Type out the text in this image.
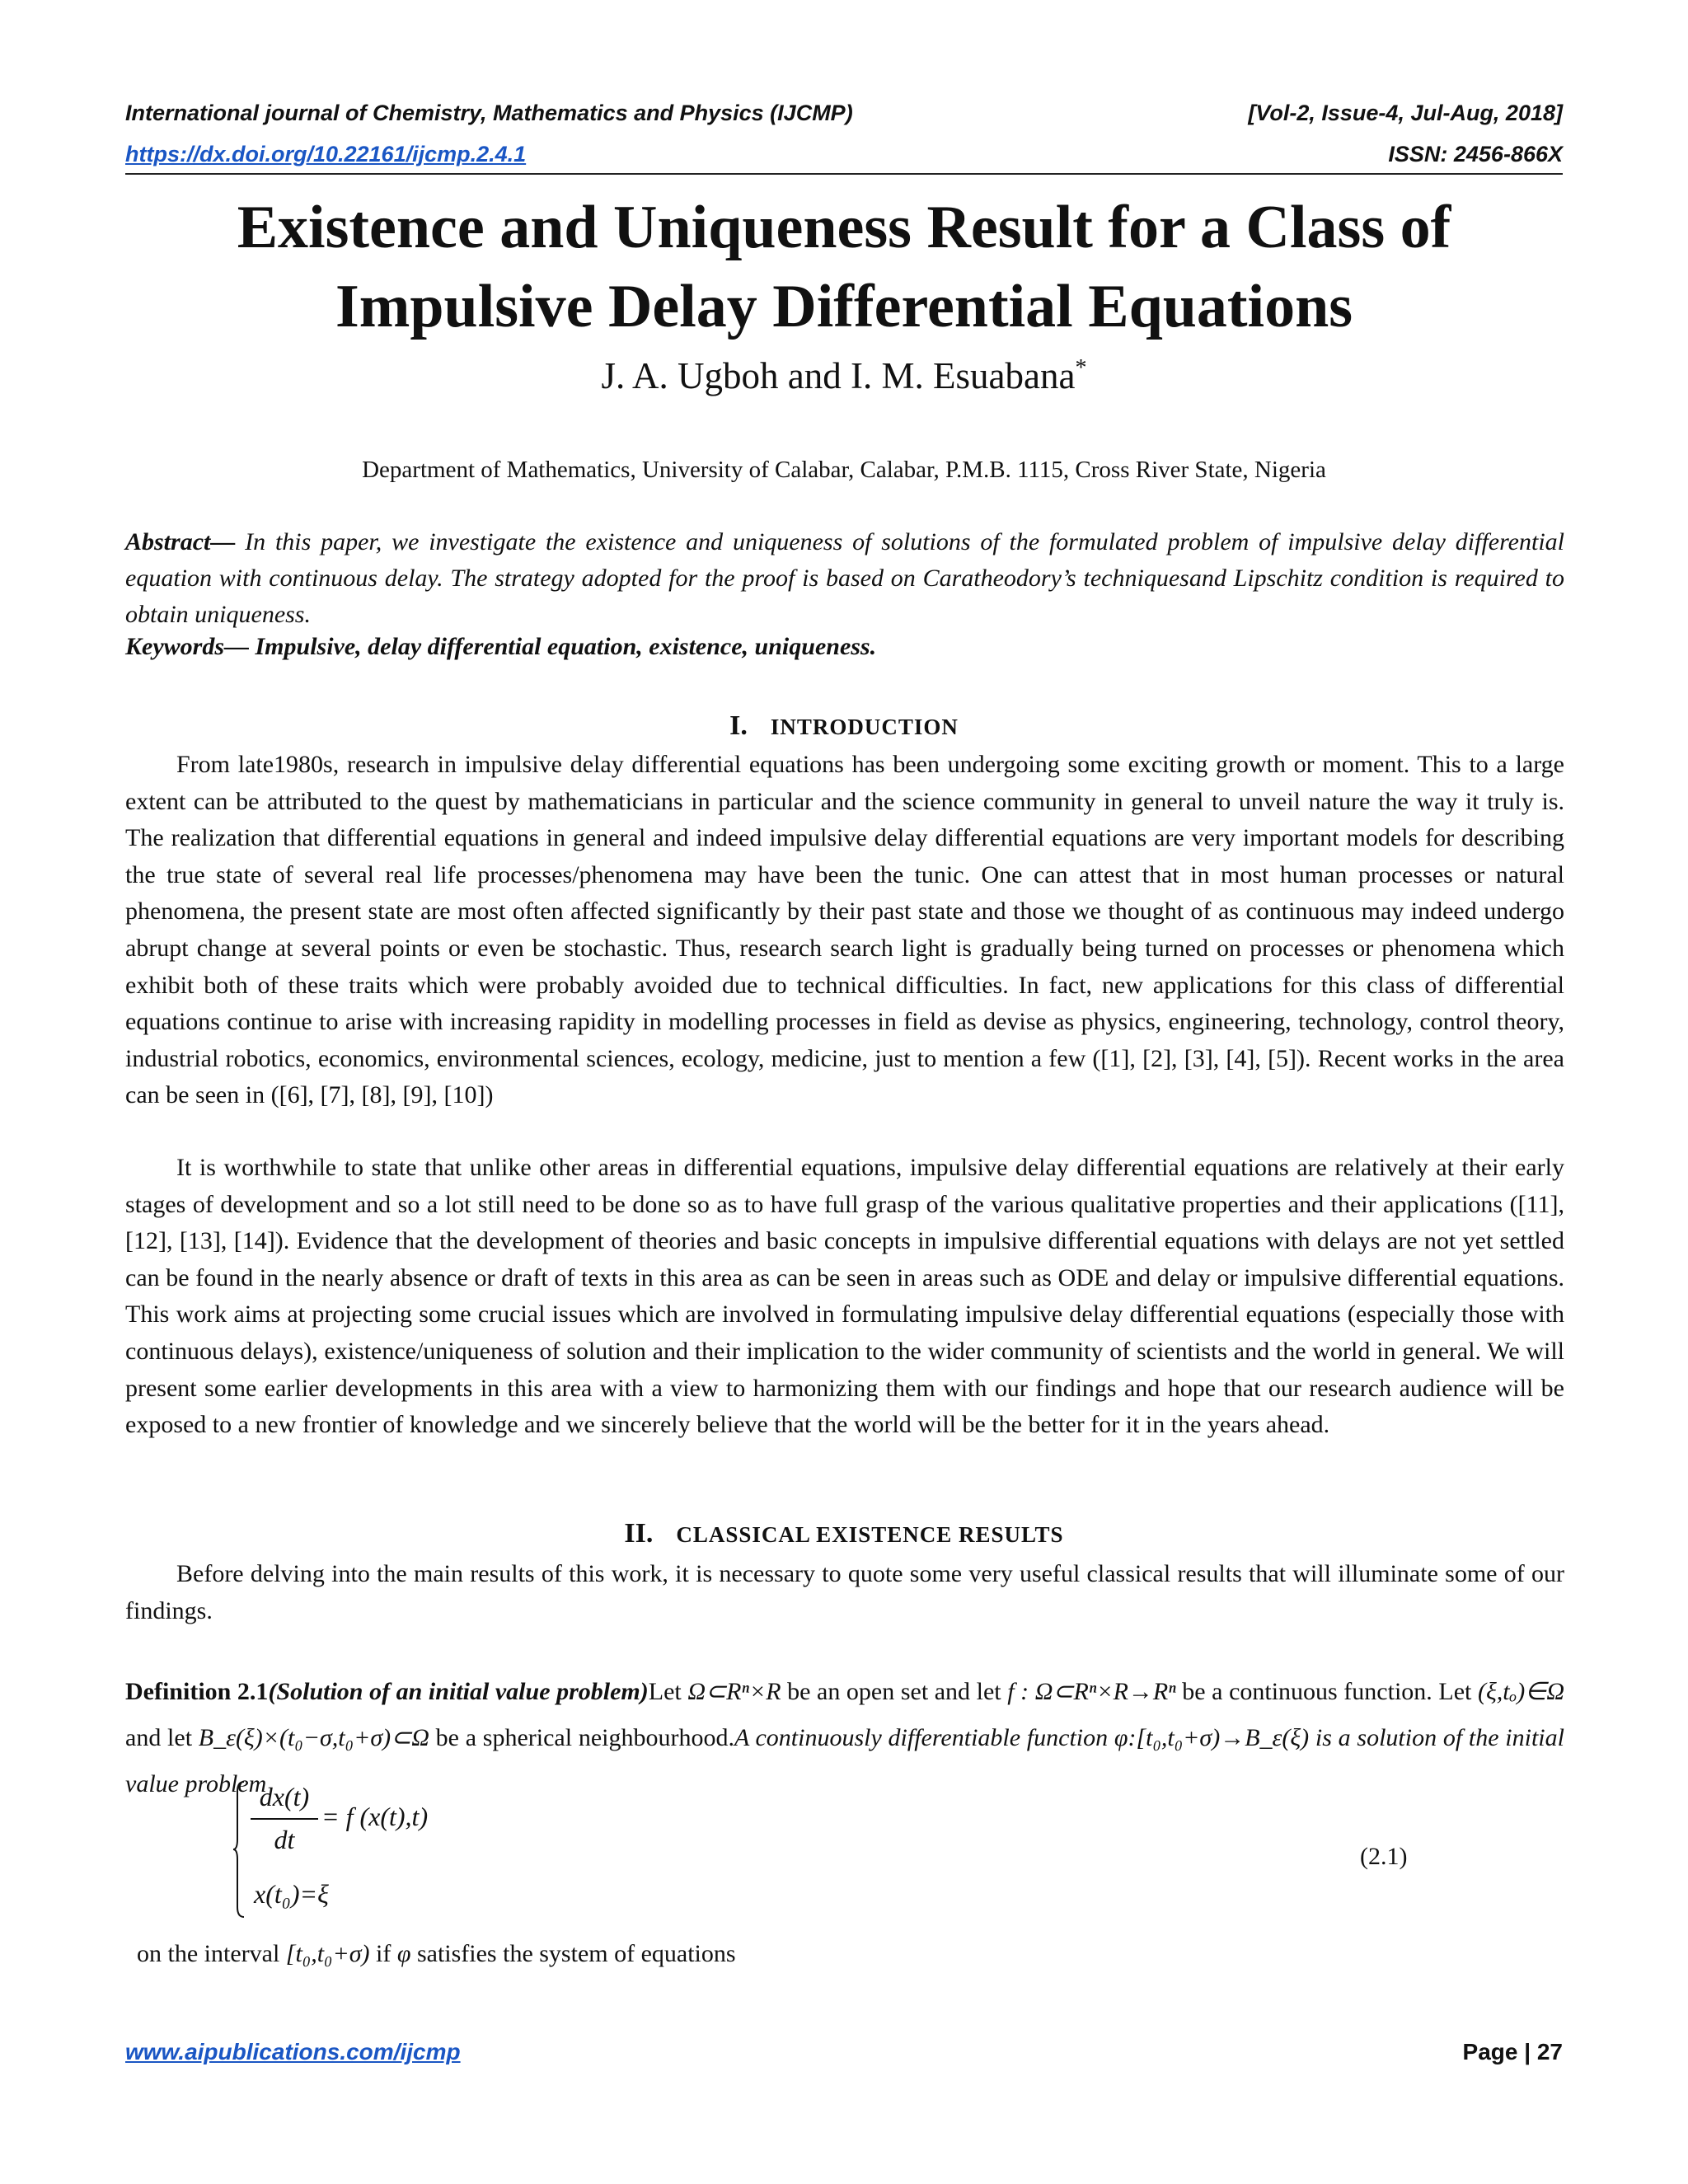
International journal of Chemistry, Mathematics and Physics (IJCMP)	[Vol-2, Issue-4, Jul-Aug, 2018]
https://dx.doi.org/10.22161/ijcmp.2.4.1	ISSN: 2456-866X
Existence and Uniqueness Result for a Class of
Impulsive Delay Differential Equations
J. A. Ugboh and I. M. Esuabana*
Department of Mathematics, University of Calabar, Calabar, P.M.B. 1115, Cross River State, Nigeria
Abstract— In this paper, we investigate the existence and uniqueness of solutions of the formulated problem of impulsive delay differential equation with continuous delay. The strategy adopted for the proof is based on Caratheodory’s techniquesand Lipschitz condition is required to obtain uniqueness.
Keywords— Impulsive, delay differential equation, existence, uniqueness.
I. INTRODUCTION
From late1980s, research in impulsive delay differential equations has been undergoing some exciting growth or moment. This to a large extent can be attributed to the quest by mathematicians in particular and the science community in general to unveil nature the way it truly is. The realization that differential equations in general and indeed impulsive delay differential equations are very important models for describing the true state of several real life processes/phenomena may have been the tunic. One can attest that in most human processes or natural phenomena, the present state are most often affected significantly by their past state and those we thought of as continuous may indeed undergo abrupt change at several points or even be stochastic. Thus, research search light is gradually being turned on processes or phenomena which exhibit both of these traits which were probably avoided due to technical difficulties. In fact, new applications for this class of differential equations continue to arise with increasing rapidity in modelling processes in field as devise as physics, engineering, technology, control theory, industrial robotics, economics, environmental sciences, ecology, medicine, just to mention a few ([1], [2], [3], [4], [5]). Recent works in the area can be seen in ([6], [7], [8], [9], [10])
It is worthwhile to state that unlike other areas in differential equations, impulsive delay differential equations are relatively at their early stages of development and so a lot still need to be done so as to have full grasp of the various qualitative properties and their applications ([11], [12], [13], [14]). Evidence that the development of theories and basic concepts in impulsive differential equations with delays are not yet settled can be found in the nearly absence or draft of texts in this area as can be seen in areas such as ODE and delay or impulsive differential equations. This work aims at projecting some crucial issues which are involved in formulating impulsive delay differential equations (especially those with continuous delays), existence/uniqueness of solution and their implication to the wider community of scientists and the world in general. We will present some earlier developments in this area with a view to harmonizing them with our findings and hope that our research audience will be exposed to a new frontier of knowledge and we sincerely believe that the world will be the better for it in the years ahead.
II. CLASSICAL EXISTENCE RESULTS
Before delving into the main results of this work, it is necessary to quote some very useful classical results that will illuminate some of our findings.
Definition 2.1(Solution of an initial value problem)Let Ω⊂Rⁿ×R be an open set and let f : Ω⊂Rⁿ×R→Rⁿ be a continuous function. Let (ξ,tₒ)∈Ω and let B_ε(ξ)×(t₀−σ,t₀+σ)⊂Ω be a spherical neighbourhood.A continuously differentiable function φ:[t₀,t₀+σ)→B_ε(ξ) is a solution of the initial value problem
dx(t)
dt
= f (x(t),t)
x(t₀)=ξ
(2.1)
on the interval [t₀,t₀+σ) if φ satisfies the system of equations
www.aipublications.com/ijcmp	Page | 27
